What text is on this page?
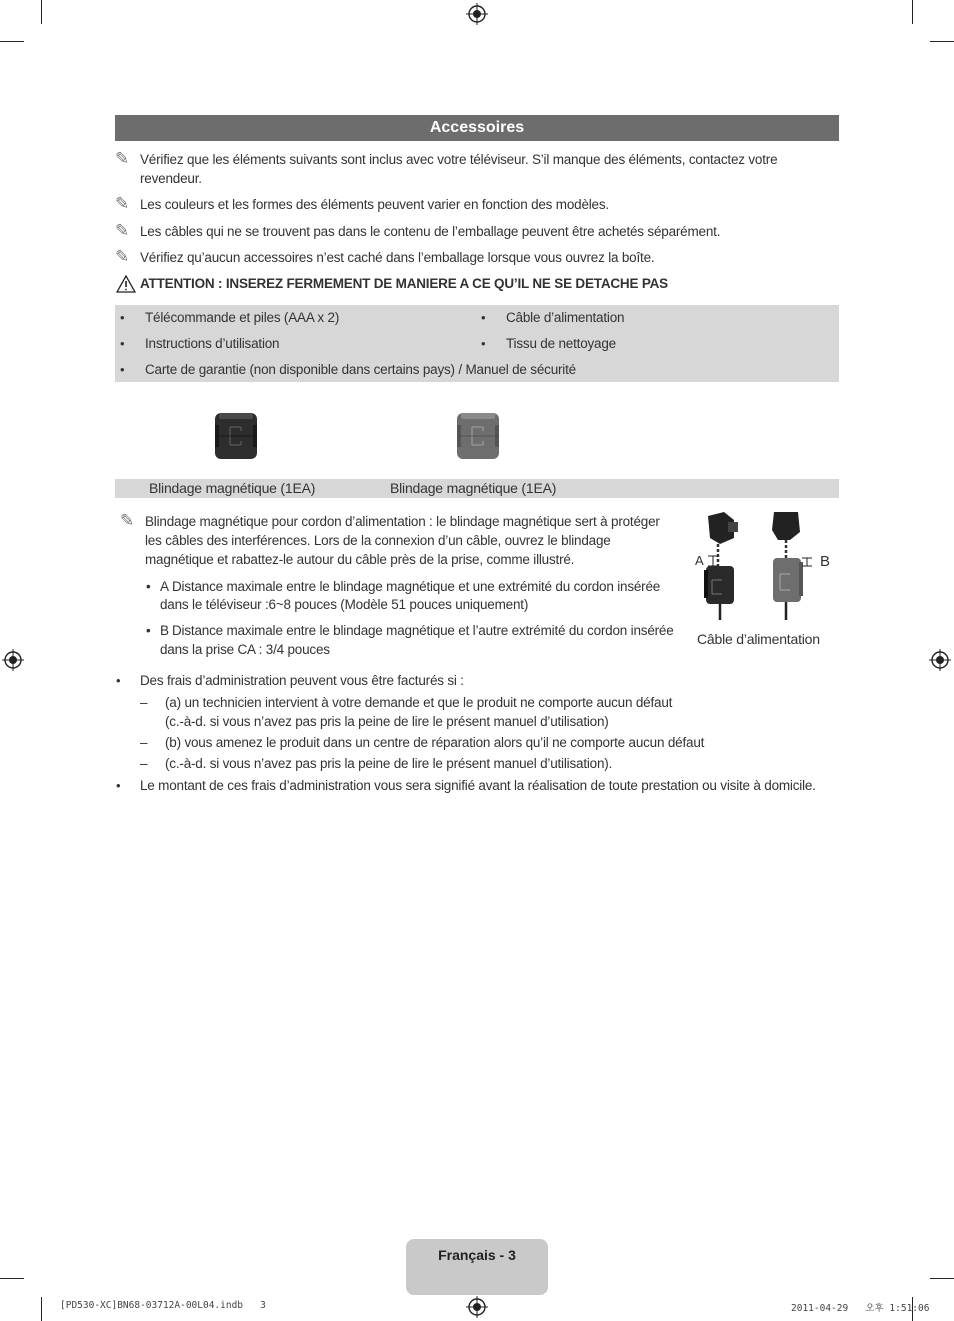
Accessoires
✎ Vérifiez que les éléments suivants sont inclus avec votre téléviseur. S’il manque des éléments, contactez votre
revendeur.
✎ Les couleurs et les formes des éléments peuvent varier en fonction des modèles.
✎ Les câbles qui ne se trouvent pas dans le contenu de l’emballage peuvent être achetés séparément.
✎ Vérifiez qu’aucun accessoires n’est caché dans l’emballage lorsque vous ouvrez la boîte.
ATTENTION : INSEREZ FERMEMENT DE MANIERE A CE QU’IL NE SE DETACHE PAS
• Télécommande et piles (AAA x 2)	• Câble d’alimentation
• Instructions d’utilisation	• Tissu de nettoyage
• Carte de garantie (non disponible dans certains pays) / Manuel de sécurité
Blindage magnétique (1EA)	Blindage magnétique (1EA)
✎ Blindage magnétique pour cordon d’alimentation : le blindage magnétique sert à protéger
les câbles des interférences. Lors de la connexion d’un câble, ouvrez le blindage
magnétique et rabattez-le autour du câble près de la prise, comme illustré.
• A Distance maximale entre le blindage magnétique et une extrémité du cordon insérée
dans le téléviseur :6~8 pouces (Modèle 51 pouces uniquement)
• B Distance maximale entre le blindage magnétique et l’autre extrémité du cordon insérée
dans la prise CA : 3/4 pouces
A	B
Câble d’alimentation
• Des frais d’administration peuvent vous être facturés si :
– (a) un technicien intervient à votre demande et que le produit ne comporte aucun défaut
(c.-à-d. si vous n’avez pas pris la peine de lire le présent manuel d’utilisation)
– (b) vous amenez le produit dans un centre de réparation alors qu’il ne comporte aucun défaut
– (c.-à-d. si vous n’avez pas pris la peine de lire le présent manuel d’utilisation).
• Le montant de ces frais d’administration vous sera signifié avant la réalisation de toute prestation ou visite à domicile.
Français - 3
[PD530-XC]BN68-03712A-00L04.indb   3	2011-04-29   오후 1:51:06
